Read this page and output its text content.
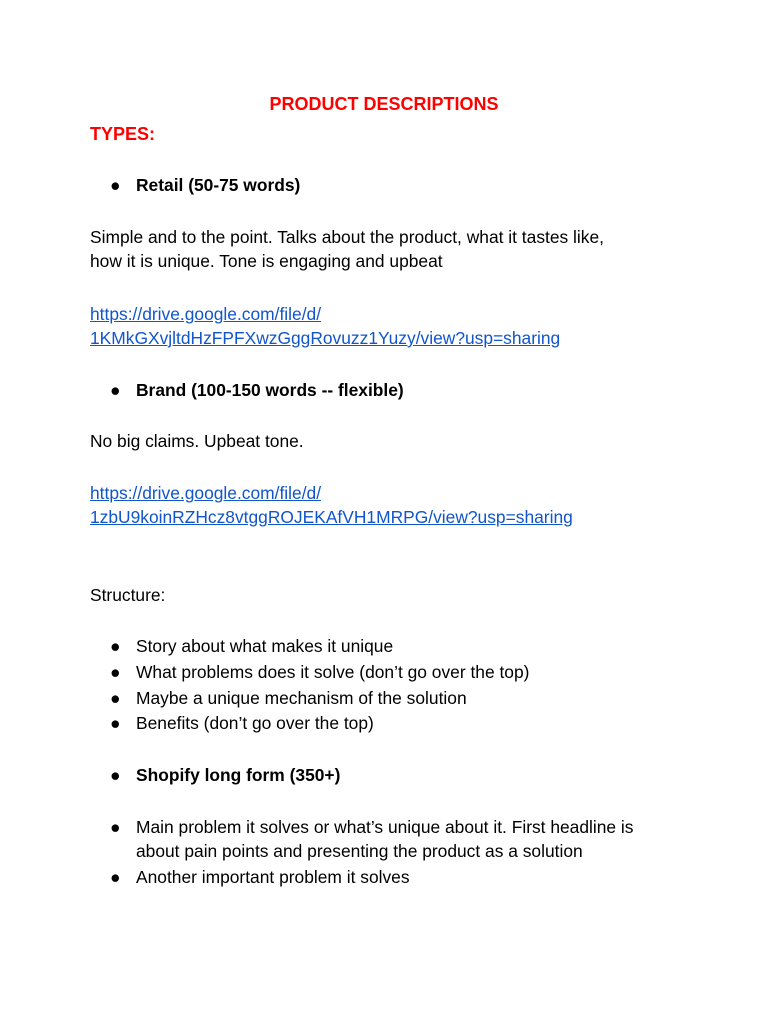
PRODUCT DESCRIPTIONS

TYPES:

● Retail (50-75 words)

Simple and to the point. Talks about the product, what it tastes like,
how it is unique. Tone is engaging and upbeat

https://drive.google.com/file/d/
1KMkGXvjltdHzFPFXwzGggRovuzz1Yuzy/view?usp=sharing

● Brand (100-150 words -- flexible)

No big claims. Upbeat tone.

https://drive.google.com/file/d/
1zbU9koinRZHcz8vtggROJEKAfVH1MRPG/view?usp=sharing

Structure:

● Story about what makes it unique

● What problems does it solve (don’t go over the top)

● Maybe a unique mechanism of the solution

● Benefits (don’t go over the top)

● Shopify long form (350+)

● Main problem it solves or what’s unique about it. First headline is
about pain points and presenting the product as a solution

● Another important problem it solves
